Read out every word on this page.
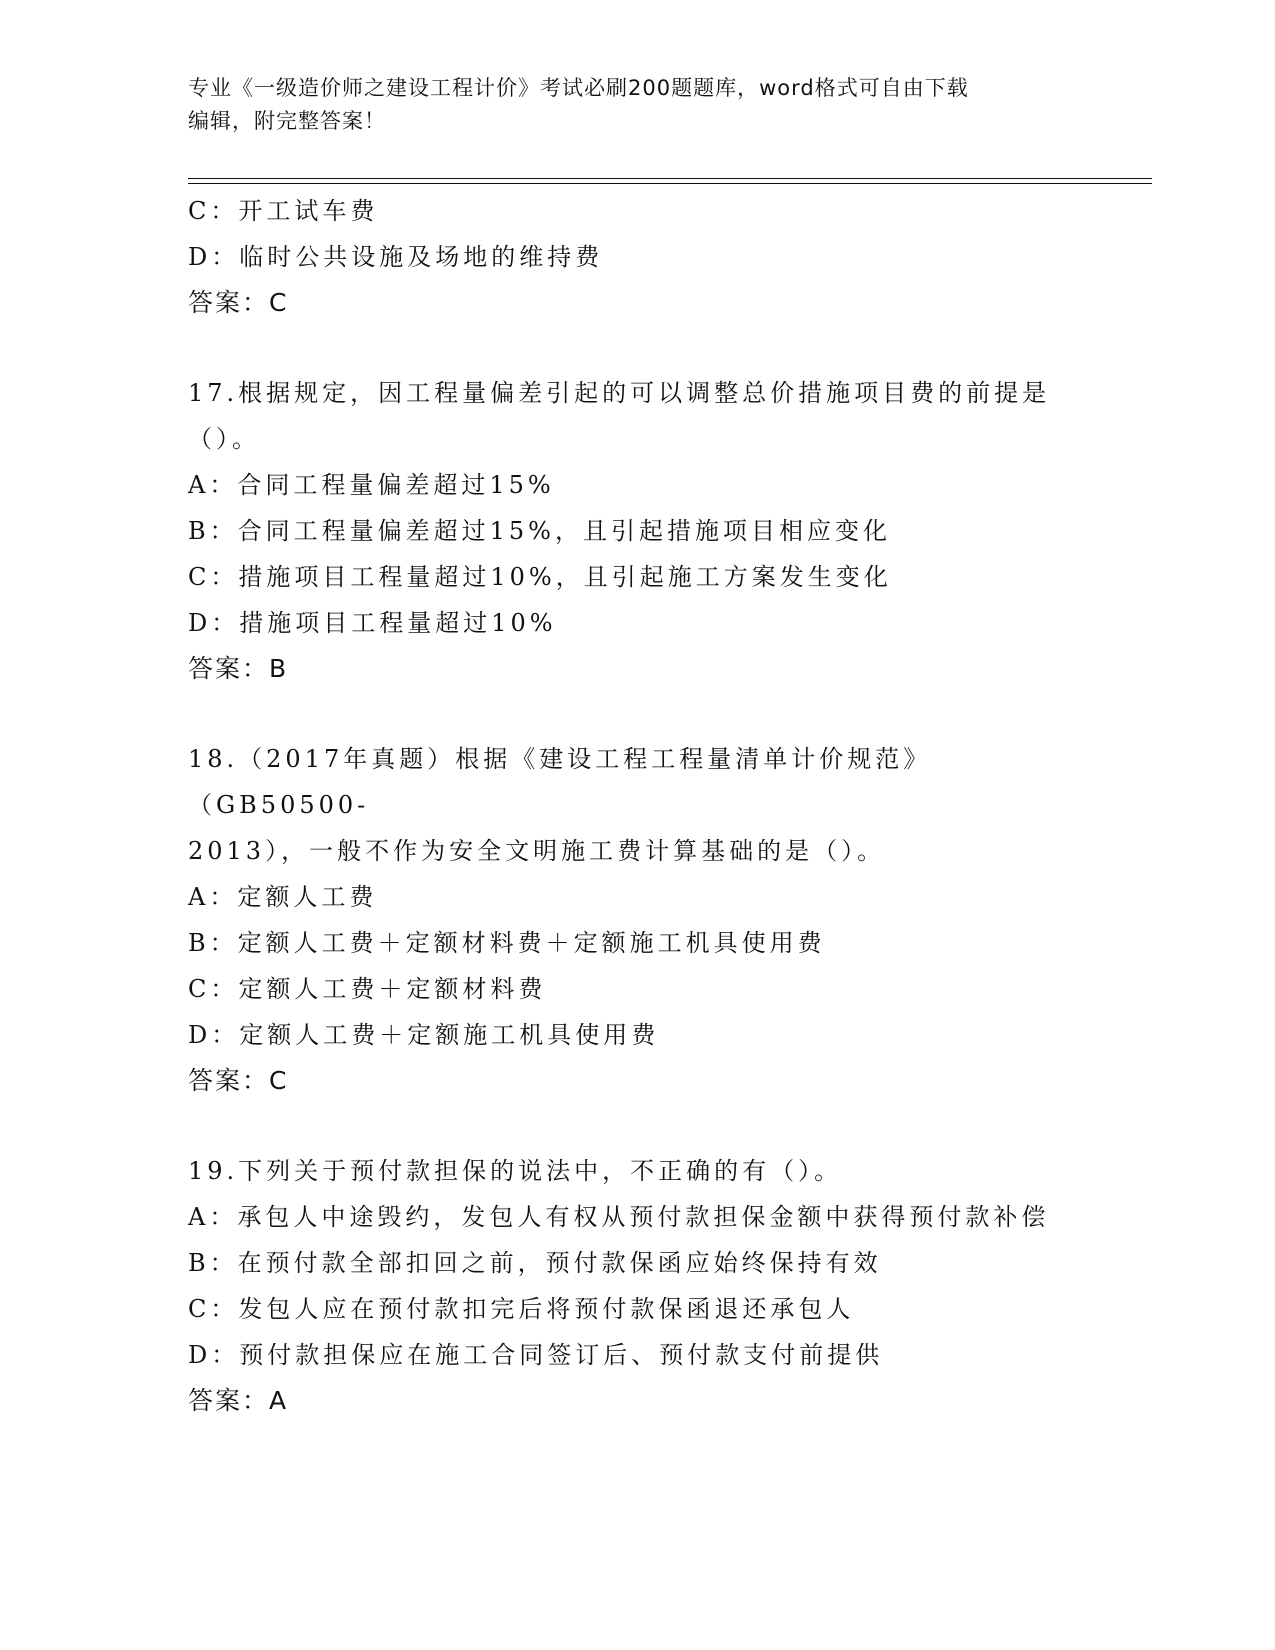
专业《一级造价师之建设工程计价》考试必刷200题题库，word格式可自由下载
编辑，附完整答案！
C：开工试车费
D：临时公共设施及场地的维持费
答案：C
17.根据规定，因工程量偏差引起的可以调整总价措施项目费的前提是
（）。
A：合同工程量偏差超过15%
B：合同工程量偏差超过15%，且引起措施项目相应变化
C：措施项目工程量超过10%，且引起施工方案发生变化
D：措施项目工程量超过10%
答案：B
18.（2017年真题）根据《建设工程工程量清单计价规范》（GB50500-
2013），一般不作为安全文明施工费计算基础的是（）。
A：定额人工费
B：定额人工费＋定额材料费＋定额施工机具使用费
C：定额人工费＋定额材料费
D：定额人工费＋定额施工机具使用费
答案：C
19.下列关于预付款担保的说法中，不正确的有（）。
A：承包人中途毁约，发包人有权从预付款担保金额中获得预付款补偿
B：在预付款全部扣回之前，预付款保函应始终保持有效
C：发包人应在预付款扣完后将预付款保函退还承包人
D：预付款担保应在施工合同签订后、预付款支付前提供
答案：A
